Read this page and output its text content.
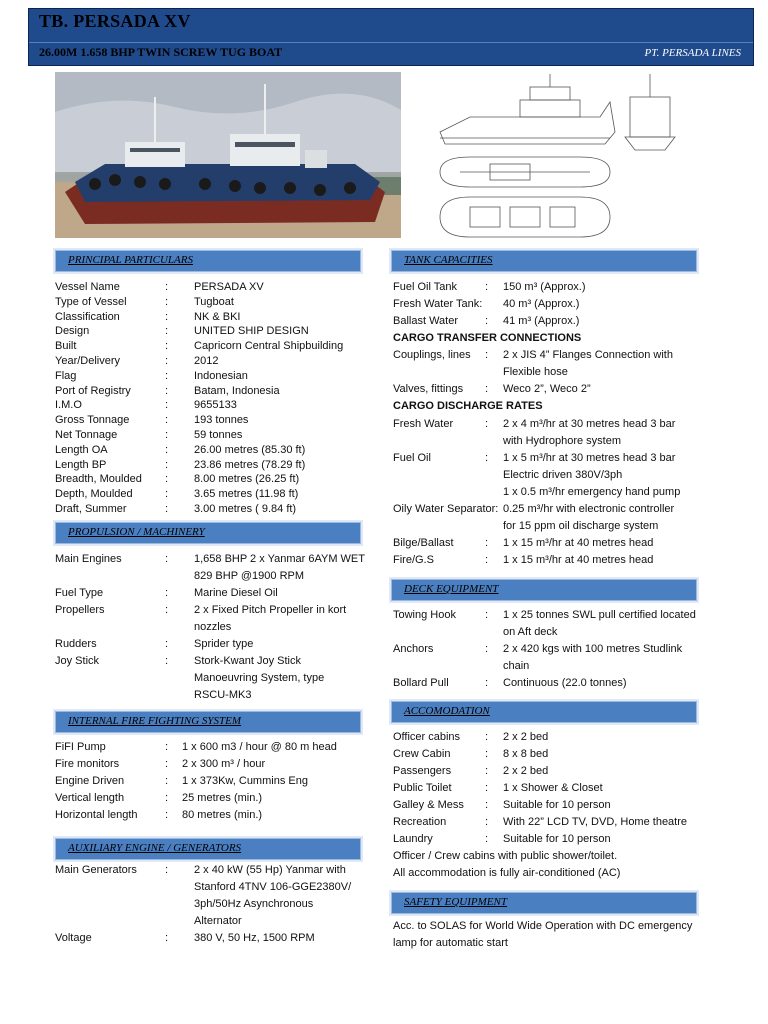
TB. PERSADA XV
26.00M 1.658 BHP TWIN SCREW TUG BOAT	PT. PERSADA LINES
PRINCIPAL PARTICULARS
Vessel Name	: PERSADA XV
Type of Vessel	: Tugboat
Classification	: NK & BKI
Design	: UNITED SHIP DESIGN
Built	: Capricorn Central Shipbuilding
Year/Delivery	: 2012
Flag	: Indonesian
Port of Registry	: Batam, Indonesia
I.M.O	: 9655133
Gross Tonnage	: 193 tonnes
Net Tonnage	: 59 tonnes
Length OA	: 26.00 metres (85.30 ft)
Length BP	: 23.86 metres (78.29 ft)
Breadth, Moulded : 8.00 metres (26.25 ft)
Depth, Moulded	: 3.65 metres (11.98 ft)
Draft, Summer	: 3.00 metres ( 9.84 ft)
PROPULSION / MACHINERY
Main Engines	: 1,658 BHP 2 x Yanmar 6AYM WET
829 BHP @1900 RPM
Fuel Type	: Marine Diesel Oil
Propellers	: 2 x Fixed Pitch Propeller in kort
nozzles
Rudders	: Sprider type
Joy Stick	: Stork-Kwant Joy Stick
Manoeuvring System, type
RSCU-MK3
INTERNAL FIRE FIGHTING SYSTEM
FiFI Pump	: 1 x 600 m3 / hour @ 80 m head
Fire monitors	: 2 x 300 m³ / hour
Engine Driven	: 1 x 373Kw, Cummins Eng
Vertical length	: 25 metres (min.)
Horizontal length : 80 metres (min.)
AUXILIARY ENGINE / GENERATORS
Main Generators	: 2 x 40 kW (55 Hp) Yanmar with
Stanford 4TNV 106-GGE2380V/
3ph/50Hz Asynchronous
Alternator
Voltage	: 380 V, 50 Hz, 1500 RPM
TANK CAPACITIES
Fuel Oil Tank	: 150 m³ (Approx.)
Fresh Water Tank: 40 m³ (Approx.)
Ballast Water : 41 m³ (Approx.)
CARGO TRANSFER CONNECTIONS
Couplings, lines : 2 x JIS 4” Flanges Connection with
Flexible hose
Valves, fittings : Weco 2”, Weco 2”
CARGO DISCHARGE RATES
Fresh Water	: 2 x 4 m³/hr at 30 metres head 3 bar
with Hydrophore system
Fuel Oil	: 1 x 5 m³/hr at 30 metres head 3 bar
Electric driven 380V/3ph
1 x 0.5 m³/hr emergency hand pump
Oily Water Separator: 0.25 m³/hr with electronic controller
for 15 ppm oil discharge system
Bilge/Ballast	: 1 x 15 m³/hr at 40 metres head
Fire/G.S	: 1 x 15 m³/hr at 40 metres head
DECK EQUIPMENT
Towing Hook	: 1 x 25 tonnes SWL pull certified located
on Aft deck
Anchors	: 2 x 420 kgs with 100 metres Studlink
chain
Bollard Pull	: Continuous (22.0 tonnes)
ACCOMODATION
Officer cabins : 2 x 2 bed
Crew Cabin	: 8 x 8 bed
Passengers	: 2 x 2 bed
Public Toilet	: 1 x Shower & Closet
Galley & Mess : Suitable for 10 person
Recreation	: With 22” LCD TV, DVD, Home theatre
Laundry	: Suitable for 10 person
Officer / Crew cabins with public shower/toilet.
All accommodation is fully air-conditioned (AC)
SAFETY EQUIPMENT
Acc. to SOLAS for World Wide Operation with DC emergency
lamp for automatic start
